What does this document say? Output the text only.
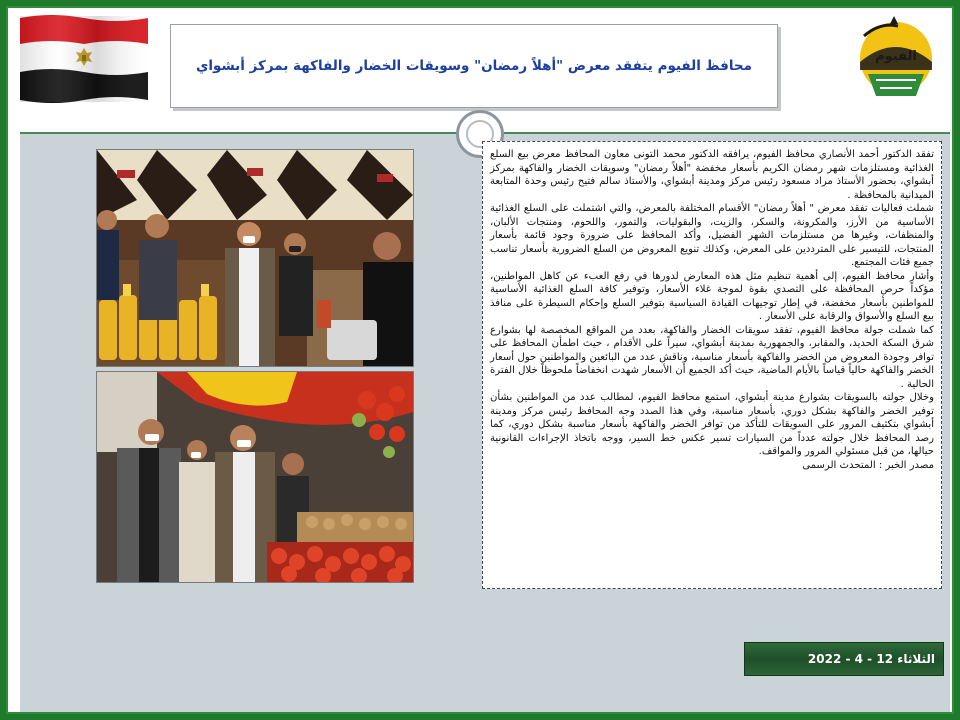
الفيوم
محافظ الفيوم يتفقد معرض "أهلاً رمضان" وسويقات الخضار والفاكهة بمركز أبشواي

تفقد الدكتور أحمد الأنصاري محافظ الفيوم، يرافقه الدكتور محمد التونى معاون المحافظ معرض بيع السلع الغذائية ومستلزمات شهر رمضان الكريم بأسعار مخفضة "أهلاً رمضان" وسويقات الخضار والفاكهة بمركز أبشواي، بحضور الأستاذ مراد مسعود رئيس مركز ومدينة أبشواي، والأستاذ سالم فتيح رئيس وحدة المتابعة الميدانية بالمحافظة .

شملت فعاليات تفقد معرض " أهلاً رمضان" الأقسام المختلفة بالمعرض، والتي اشتملت على السلع الغذائية الأساسية من الأرز، والمكرونة، والسكر، والزيت، والبقوليات، والتمور، واللحوم، ومنتجات الألبان، والمنظفات، وغيرها من مستلزمات الشهر الفضيل، وأكد المحافظ على ضرورة وجود قائمة بأسعار المنتجات، للتيسير على المترددين على المعرض، وكذلك تنويع المعروض من السلع الضرورية بأسعار تناسب جميع فئات المجتمع.

وأشار محافظ الفيوم، إلى أهمية تنظيم مثل هذه المعارض لدورها في رفع العبء عن كاهل المواطنين، مؤكداً حرص المحافظة على التصدي بقوة لموجة غلاء الأسعار، وتوفير كافة السلع الغذائية الأساسية للمواطنين بأسعار مخفضة، في إطار توجيهات القيادة السياسية بتوفير السلع وإحكام السيطرة على منافذ بيع السلع والأسواق والرقابة على الأسعار .

كما شملت جولة محافظ الفيوم، تفقد سويقات الخضار والفاكهة، بعدد من المواقع المخصصة لها بشوارع شرق السكة الحديد، والمقابر، والجمهورية بمدينة أبشواي، سيراً على الأقدام ، حيث اطمأن المحافظ على توافر وجودة المعروض من الخضر والفاكهة بأسعار مناسبة، وناقش عدد من البائعين والمواطنين حول أسعار الخضر والفاكهة حالياً قياساً بالأيام الماضية، حيث أكد الجميع أن الأسعار شهدت انخفاضاً ملحوظاً خلال الفترة الحالية .

وخلال جولته بالسويقات بشوارع مدينة أبشواي، استمع محافظ الفيوم، لمطالب عدد من المواطنين بشأن توفير الخضر والفاكهة بشكل دوري، بأسعار مناسبة، وفي هذا الصدد وجه المحافظ رئيس مركز ومدينة أبشواي بتكثيف المرور على السويقات للتأكد من توافر الخضر والفاكهة بأسعار مناسبة بشكل دوري، كما رصد المحافظ خلال جولته عدداً من السيارات تسير عكس خط السير، ووجه باتخاذ الإجراءات القانونية حيالها، من قبل مسئولي المرور والمواقف.

مصدر الخبر : المتحدث الرسمى

الثلاثاء 12 - 4 - 2022
